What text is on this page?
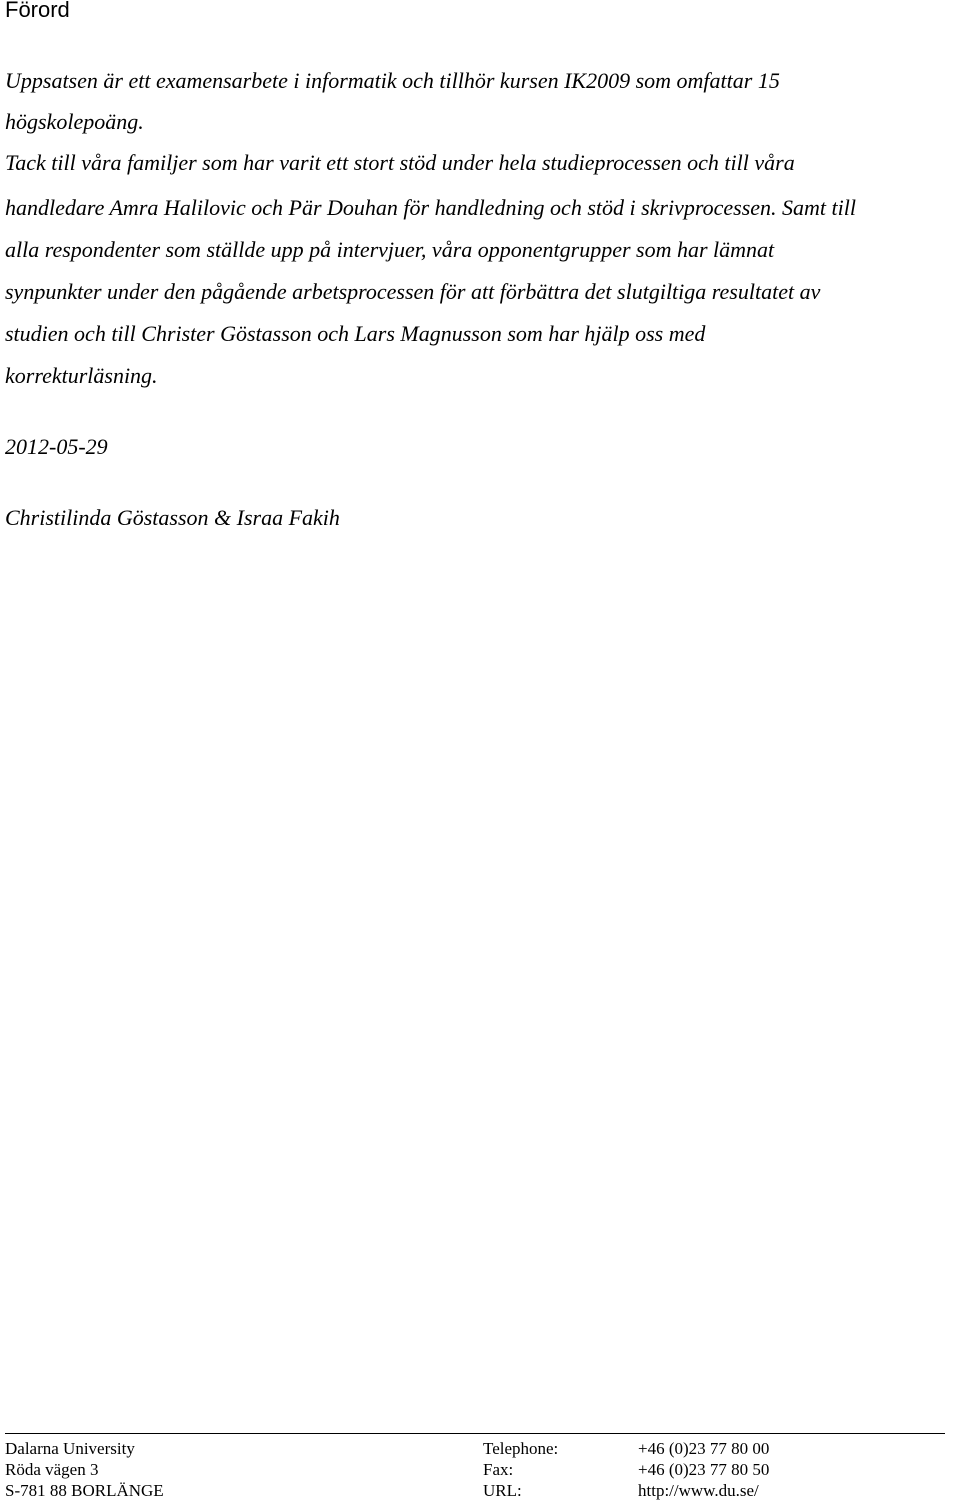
Förord
Uppsatsen är ett examensarbete i informatik och tillhör kursen IK2009 som omfattar 15
högskolepoäng.
Tack till våra familjer som har varit ett stort stöd under hela studieprocessen och till våra
handledare Amra Halilovic och Pär Douhan för handledning och stöd i skrivprocessen. Samt till
alla respondenter som ställde upp på intervjuer, våra opponentgrupper som har lämnat
synpunkter under den pågående arbetsprocessen för att förbättra det slutgiltiga resultatet av
studien och till Christer Göstasson och Lars Magnusson som har hjälp oss med
korrekturläsning.
2012-05-29
Christilinda Göstasson & Israa Fakih
Dalarna University	Telephone:	+46 (0)23 77 80 00
Röda vägen 3	Fax:	+46 (0)23 77 80 50
S-781 88 BORLÄNGE	URL:	http://www.du.se/
